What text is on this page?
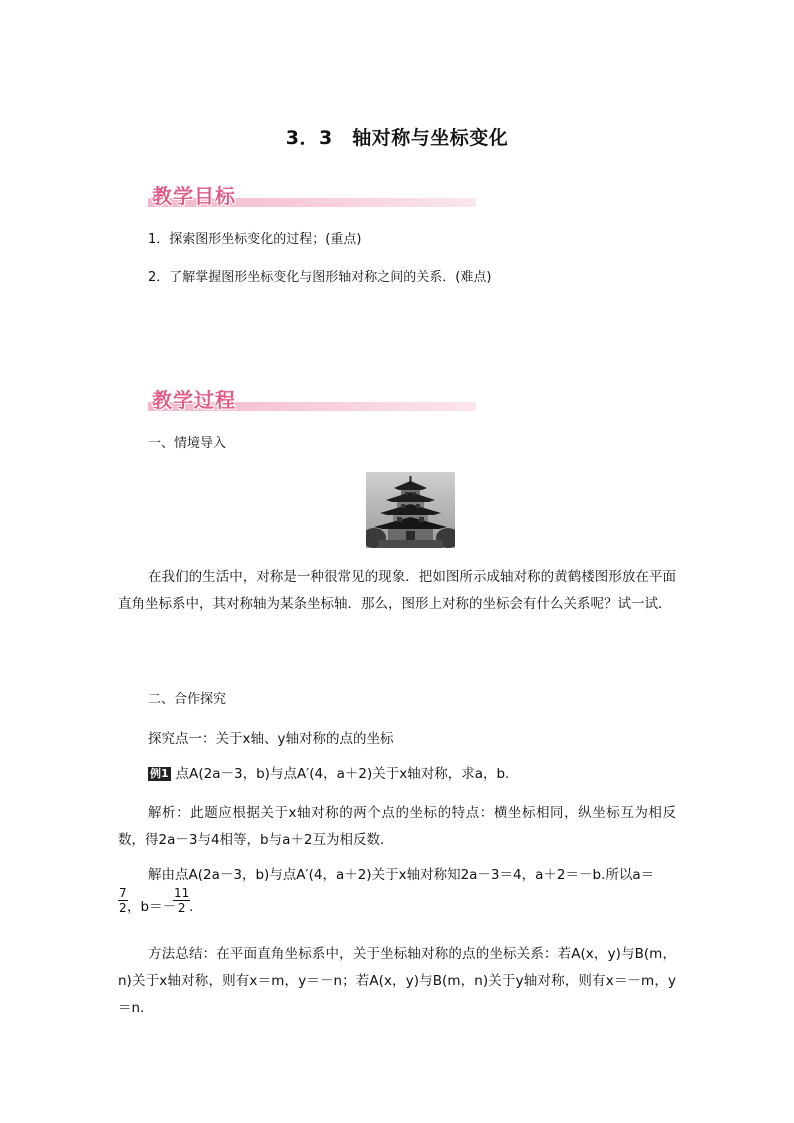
3．3　轴对称与坐标变化
教学目标
1．探索图形坐标变化的过程；(重点)
2．了解掌握图形坐标变化与图形轴对称之间的关系．(难点)
教学过程
一、情境导入
在我们的生活中，对称是一种很常见的现象．把如图所示成轴对称的黄鹤楼图形放在平面直角坐标系中，其对称轴为某条坐标轴．那么，图形上对称的坐标会有什么关系呢？试一试．
二、合作探究
探究点一：关于x轴、y轴对称的点的坐标
例1 点A(2a－3，b)与点A′(4，a＋2)关于x轴对称，求a，b.
解析：此题应根据关于x轴对称的两个点的坐标的特点：横坐标相同，纵坐标互为相反数，得2a－3与4相等，b与a＋2互为相反数．
解由点A(2a－3，b)与点A′(4，a＋2)关于x轴对称知2a－3＝4，a＋2＝－b.所以a＝
$\frac{7}{2}$ ，b＝－
$\frac{11}{2}$
.
方法总结：在平面直角坐标系中，关于坐标轴对称的点的坐标关系：若A(x，y)与B(m，n)关于x轴对称，则有x＝m，y＝－n；若A(x，y)与B(m，n)关于y轴对称，则有x＝－m，y＝n.
